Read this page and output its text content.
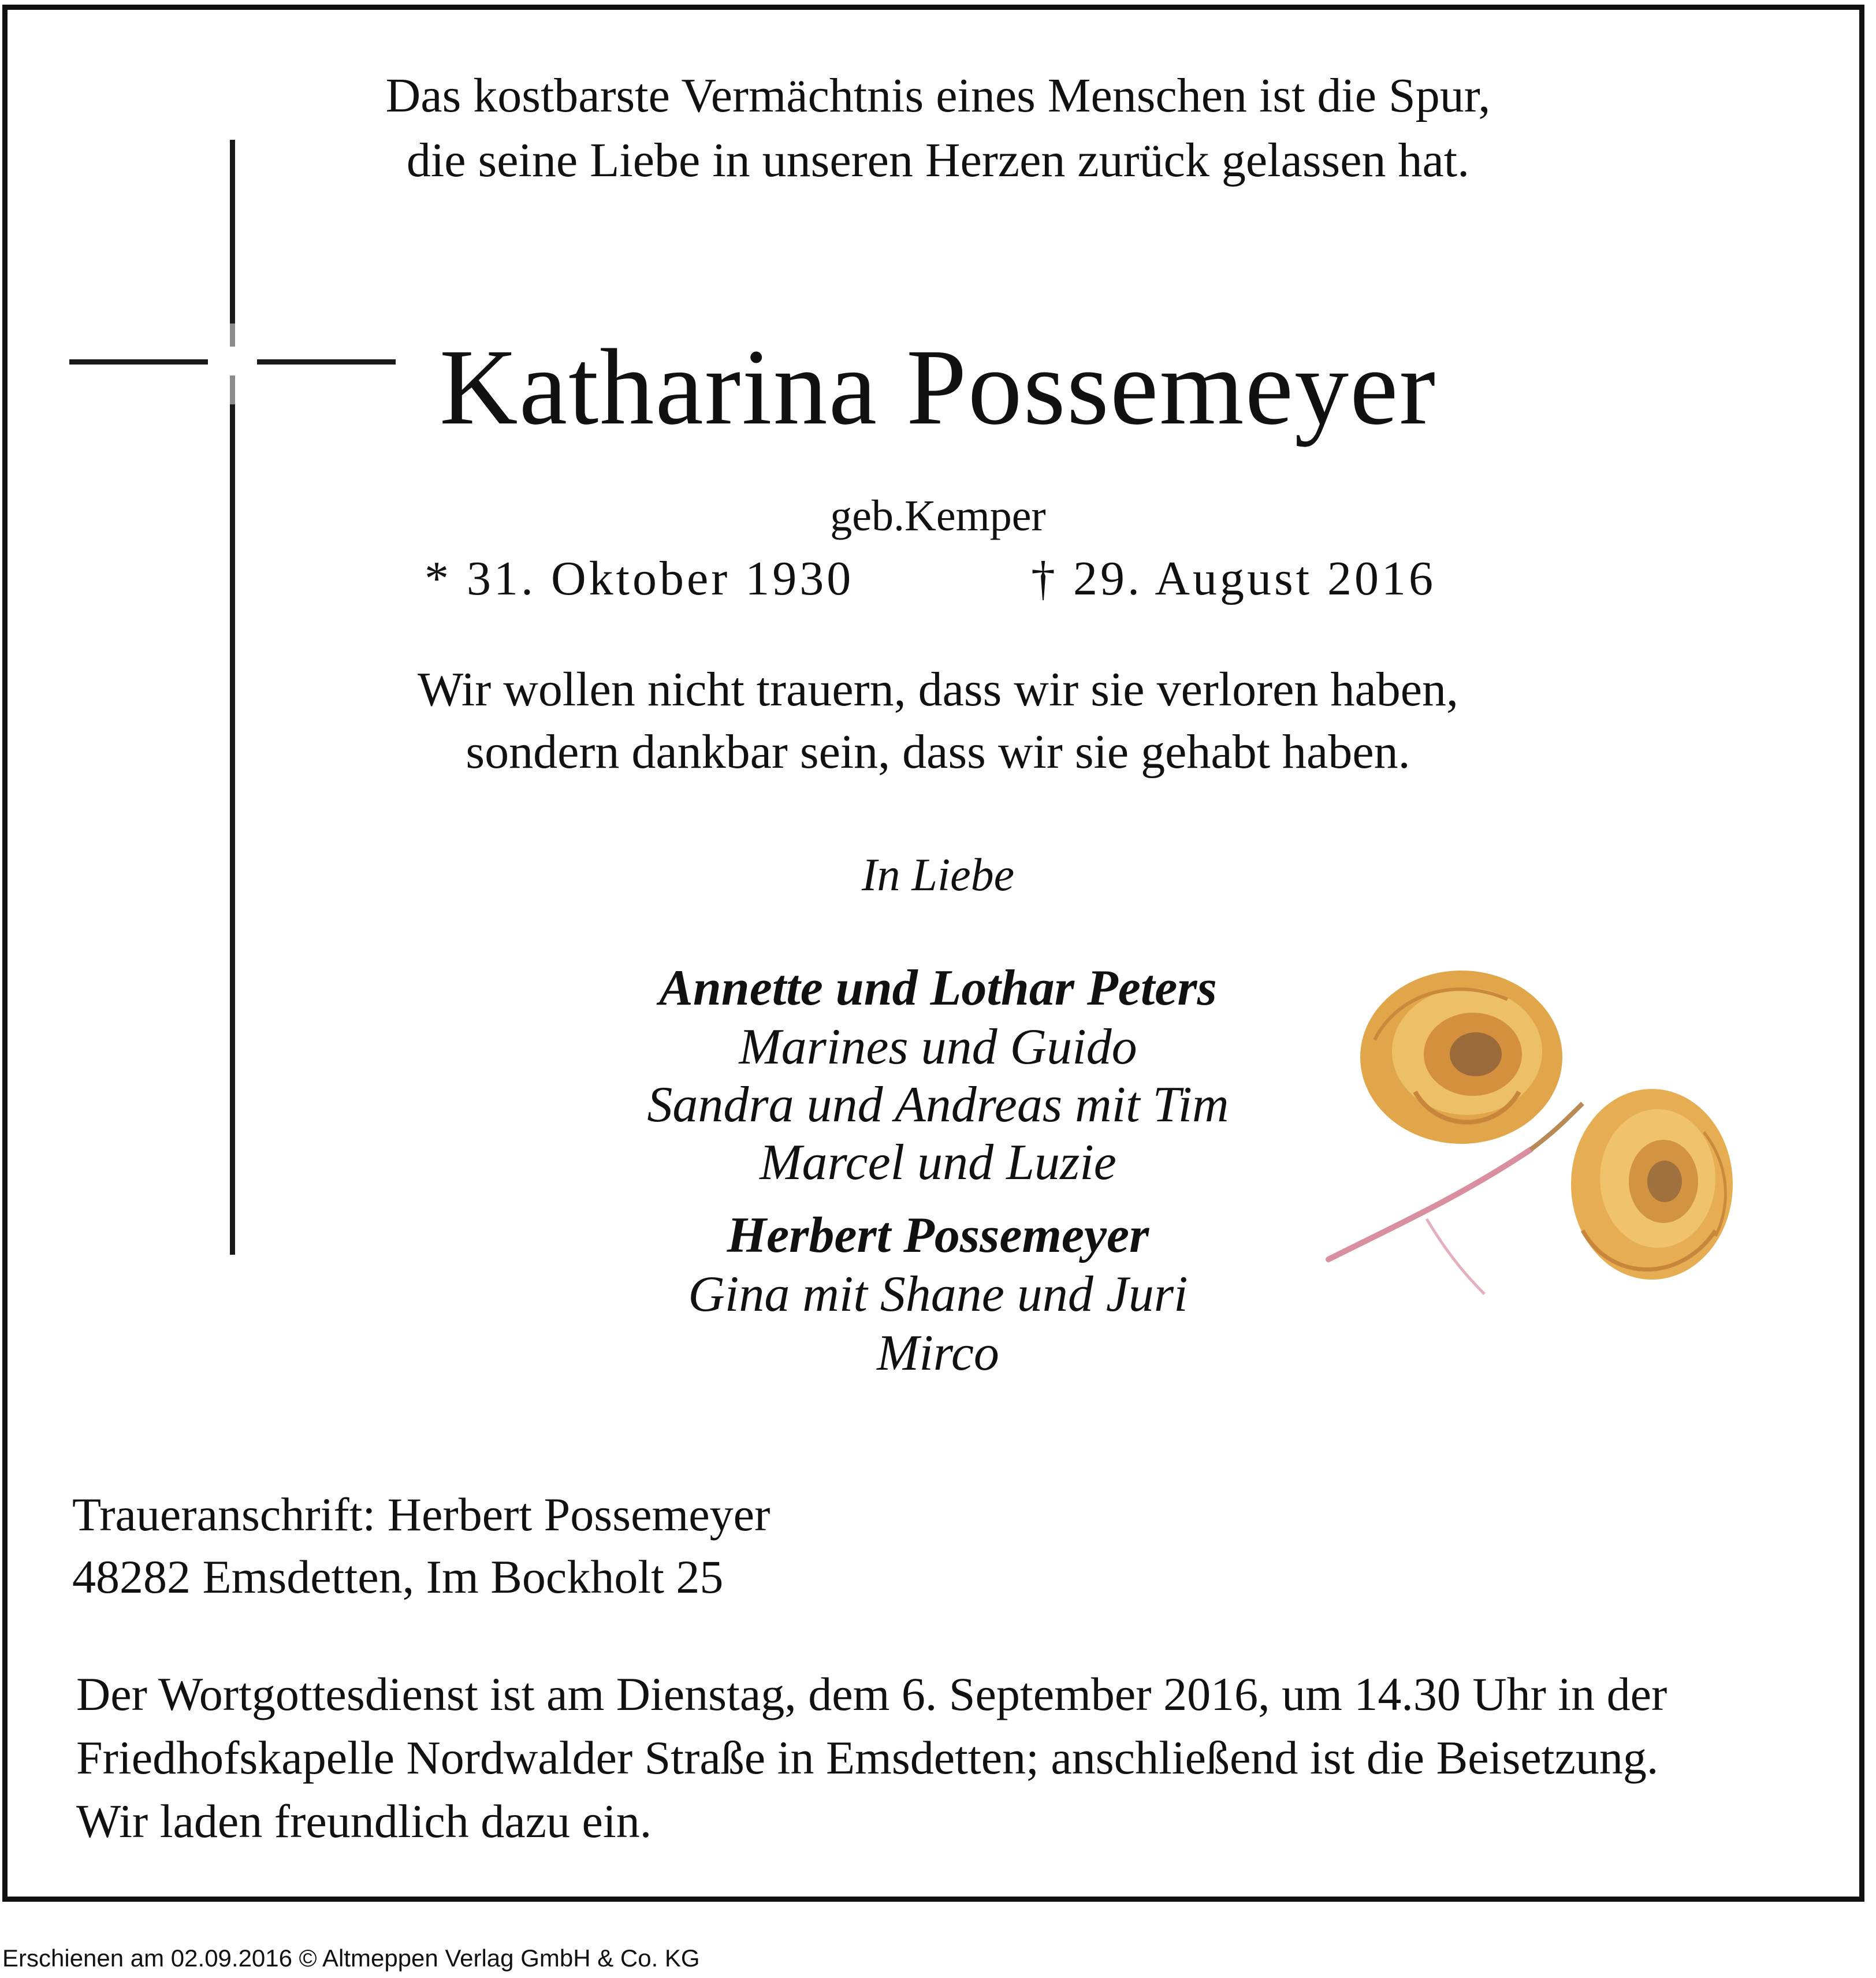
Das kostbarste Vermächtnis eines Menschen ist die Spur,
die seine Liebe in unseren Herzen zurück gelassen hat.
Katharina Possemeyer
geb.Kemper
* 31. Oktober 1930	† 29. August 2016
Wir wollen nicht trauern, dass wir sie verloren haben,
sondern dankbar sein, dass wir sie gehabt haben.
In Liebe
Annette und Lothar Peters
Marines und Guido
Sandra und Andreas mit Tim
Marcel und Luzie
Herbert Possemeyer
Gina mit Shane und Juri
Mirco
Traueranschrift: Herbert Possemeyer
48282 Emsdetten, Im Bockholt 25
Der Wortgottesdienst ist am Dienstag, dem 6. September 2016, um 14.30 Uhr in der
Friedhofskapelle Nordwalder Straße in Emsdetten; anschließend ist die Beisetzung.
Wir laden freundlich dazu ein.
Erschienen am 02.09.2016 © Altmeppen Verlag GmbH & Co. KG
